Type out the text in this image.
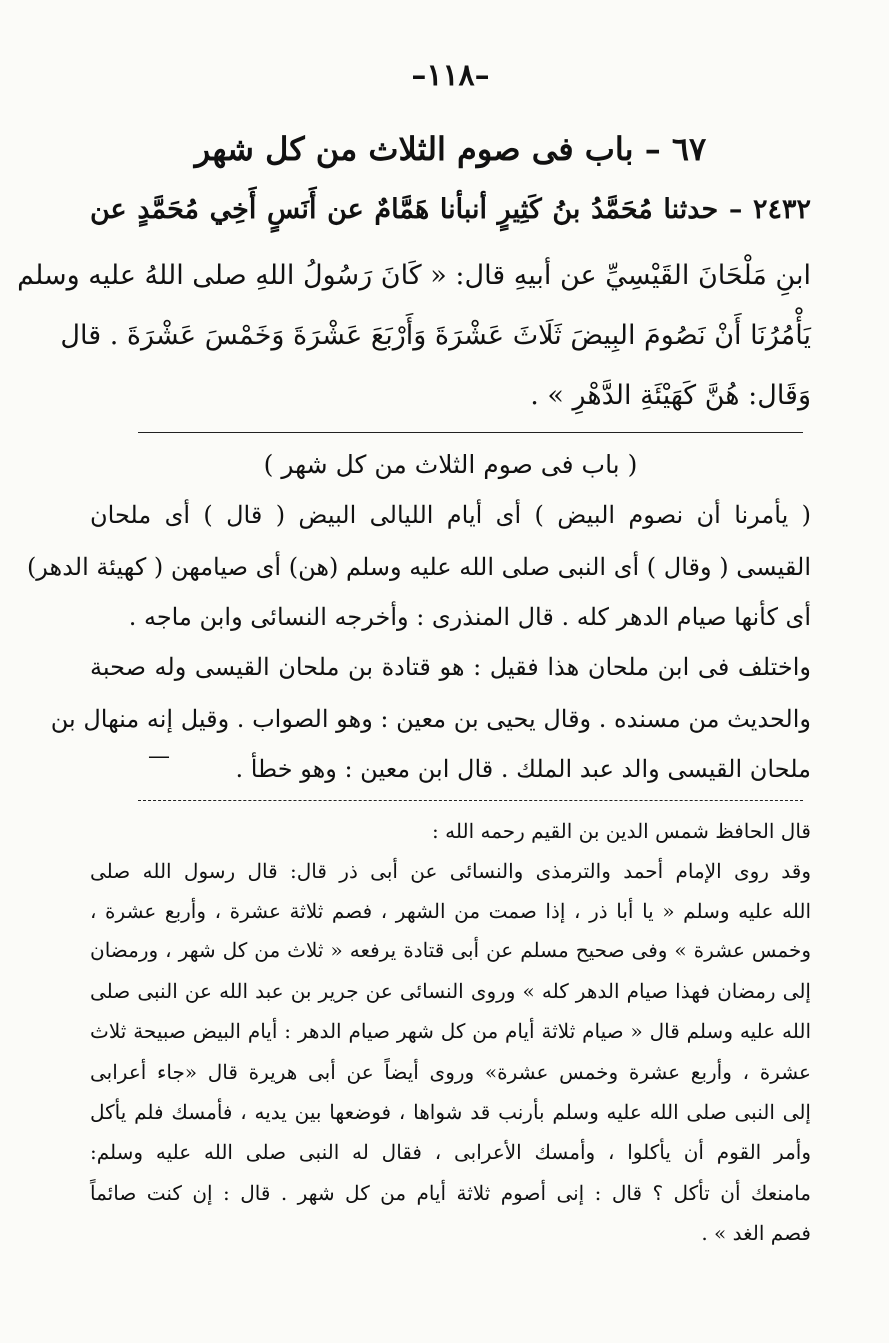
–۱۱۸–
٦٧ – باب فى صوم الثلاث من كل شهر
٢٤٣٢ – حدثنا مُحَمَّدُ بنُ كَثِيرٍ أنبأنا هَمَّامٌ عن أَنَسٍ أَخِي مُحَمَّدٍ عن
ابنِ مَلْحَانَ القَيْسِيِّ عن أبيهِ قال: « كَانَ رَسُولُ اللهِ صلى اللهُ عليه وسلم
يَأْمُرُنَا أَنْ نَصُومَ البِيضَ ثَلَاثَ عَشْرَةَ وَأَرْبَعَ عَشْرَةَ وَخَمْسَ عَشْرَةَ . قال
وَقَال: هُنَّ كَهَيْئَةِ الدَّهْرِ » .
( باب فى صوم الثلاث من كل شهر )
( يأمرنا أن نصوم البيض ) أى أيام الليالى البيض ( قال ) أى ملحان
القيسى ( وقال ) أى النبى صلى الله عليه وسلم (هن) أى صيامهن ( كهيئة الدهر)
أى كأنها صيام الدهر كله . قال المنذرى : وأخرجه النسائى وابن ماجه .
واختلف فى ابن ملحان هذا فقيل : هو قتادة بن ملحان القيسى وله صحبة
والحديث من مسنده . وقال يحيى بن معين : وهو الصواب . وقيل إنه منهال بن
ملحان القيسى والد عبد الملك . قال ابن معين : وهو خطأ .
—
قال الحافظ شمس الدين بن القيم رحمه الله :
وقد روى الإمام أحمد والترمذى والنسائى عن أبى ذر قال: قال رسول الله صلى
الله عليه وسلم « يا أبا ذر ، إذا صمت من الشهر ، فصم ثلاثة عشرة ، وأربع عشرة ،
وخمس عشرة » وفى صحيح مسلم عن أبى قتادة يرفعه « ثلاث من كل شهر ، ورمضان
إلى رمضان فهذا صيام الدهر كله » وروى النسائى عن جرير بن عبد الله عن النبى صلى
الله عليه وسلم قال « صيام ثلاثة أيام من كل شهر صيام الدهر : أيام البيض صبيحة ثلاث
عشرة ، وأربع عشرة وخمس عشرة» وروى أيضاً عن أبى هريرة قال «جاء أعرابى
إلى النبى صلى الله عليه وسلم بأرنب قد شواها ، فوضعها بين يديه ، فأمسك فلم يأكل
وأمر القوم أن يأكلوا ، وأمسك الأعرابى ، فقال له النبى صلى الله عليه وسلم:
مامنعك أن تأكل ؟ قال : إنى أصوم ثلاثة أيام من كل شهر . قال : إن كنت صائماً
فصم الغد » .
